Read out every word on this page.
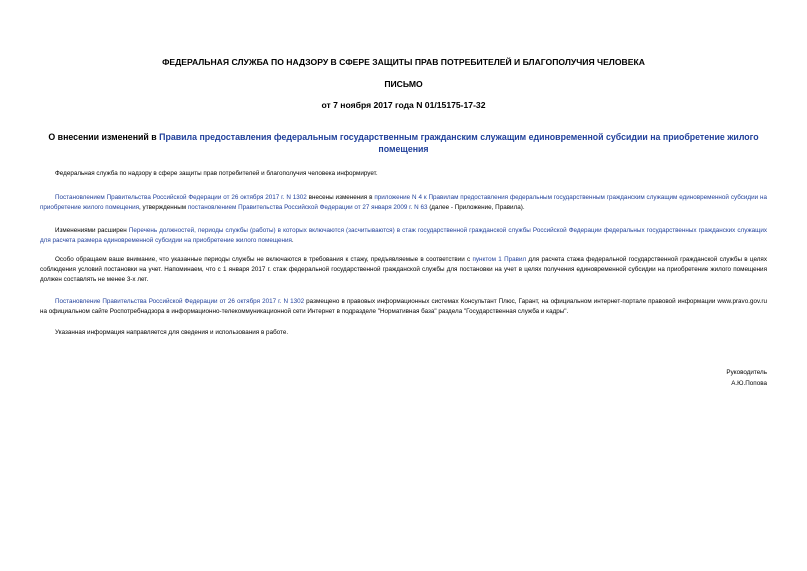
ФЕДЕРАЛЬНАЯ СЛУЖБА ПО НАДЗОРУ В СФЕРЕ ЗАЩИТЫ ПРАВ ПОТРЕБИТЕЛЕЙ И БЛАГОПОЛУЧИЯ ЧЕЛОВЕКА

ПИСЬМО

от 7 ноября 2017 года N 01/15175-17-32

О внесении изменений в Правила предоставления федеральным государственным гражданским служащим единовременной субсидии на приобретение жилого помещения

Федеральная служба по надзору в сфере защиты прав потребителей и благополучия человека информирует.

Постановлением Правительства Российской Федерации от 26 октября 2017 г. N 1302 внесены изменения в приложение N 4 к Правилам предоставления федеральным государственным гражданским служащим единовременной субсидии на приобретение жилого помещения, утвержденным постановлением Правительства Российской Федерации от 27 января 2009 г. N 63 (далее - Приложение, Правила).

Изменениями расширен Перечень должностей, периоды службы (работы) в которых включаются (засчитываются) в стаж государственной гражданской службы Российской Федерации федеральных государственных гражданских служащих для расчета размера единовременной субсидии на приобретение жилого помещения.

Особо обращаем ваше внимание, что указанные периоды службы не включаются в требования к стажу, предъявляемые в соответствии с пунктом 1 Правил для расчета стажа федеральной государственной гражданской службы в целях соблюдения условий постановки на учет. Напоминаем, что с 1 января 2017 г. стаж федеральной государственной гражданской службы для постановки на учет в целях получения единовременной субсидии на приобретение жилого помещения должен составлять не менее 3-х лет.

Постановление Правительства Российской Федерации от 26 октября 2017 г. N 1302 размещено в правовых информационных системах Консультант Плюс, Гарант, на официальном интернет-портале правовой информации www.pravo.gov.ru на официальном сайте Роспотребнадзора в информационно-телекоммуникационной сети Интернет в подразделе "Нормативная база" раздела "Государственная служба и кадры".

Указанная информация направляется для сведения и использования в работе.

Руководитель

А.Ю.Попова
